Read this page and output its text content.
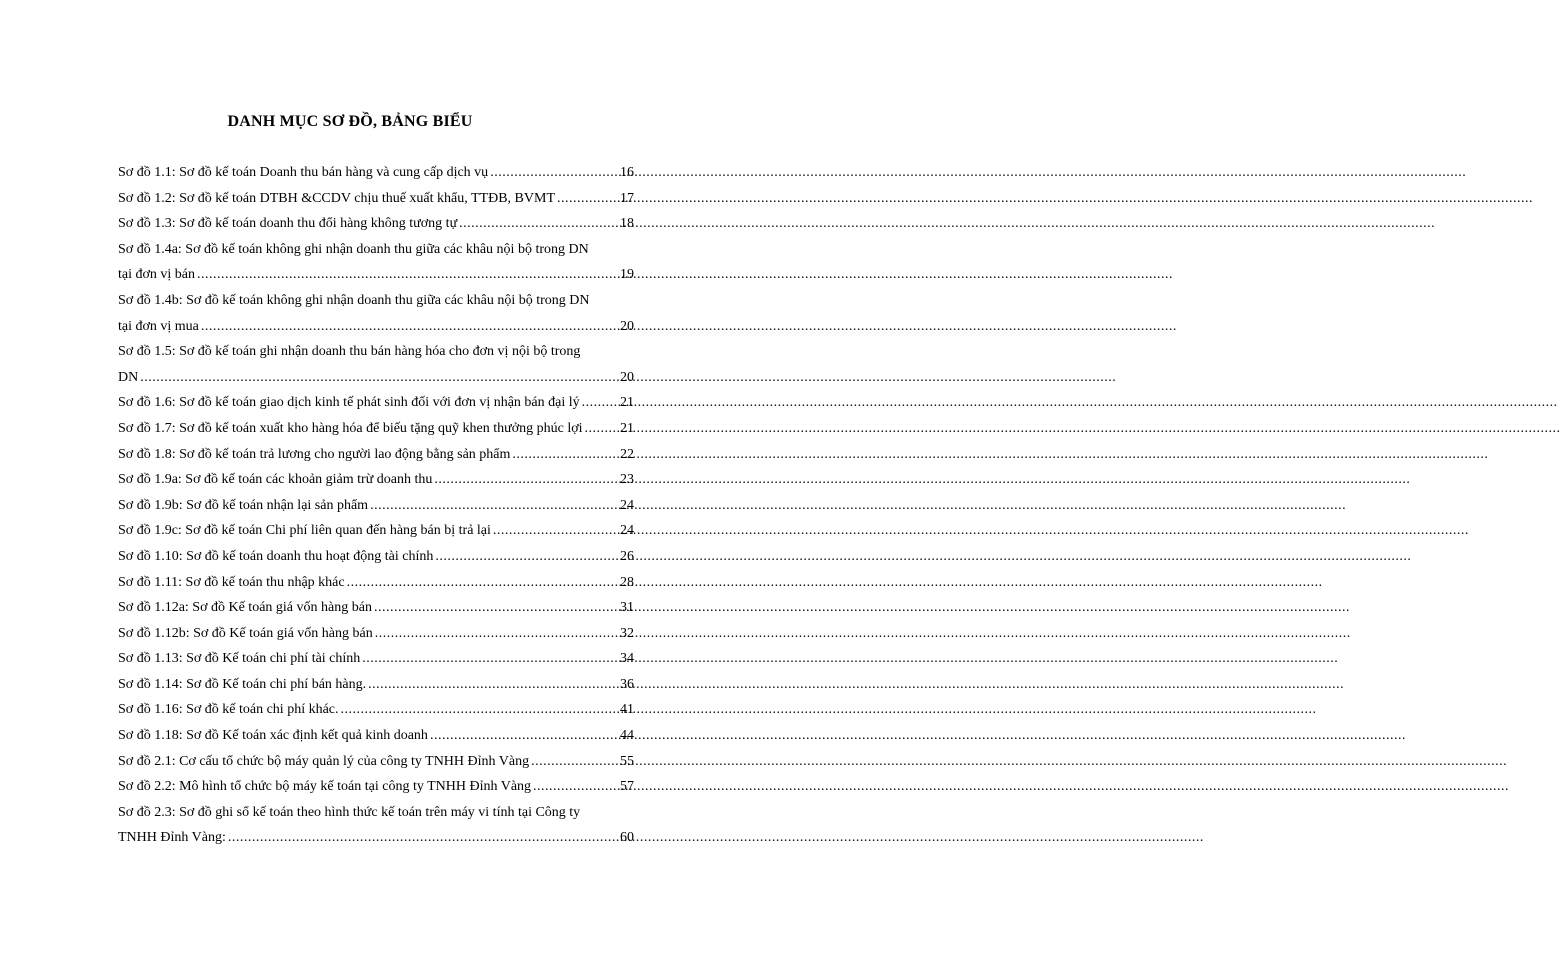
DANH MỤC SƠ ĐỒ, BẢNG BIỂU
Sơ đồ 1.1: Sơ đồ kế toán Doanh thu bán hàng và cung cấp dịch vụ .....	16
Sơ đồ 1.2: Sơ đồ kế toán DTBH &CCDV chịu thuế xuất khẩu, TTĐB, BVMT .....	17
Sơ đồ 1.3: Sơ đồ kế toán doanh thu đổi hàng không tương tự .....	18
Sơ đồ 1.4a: Sơ đồ kế toán không ghi nhận doanh thu giữa các khâu nội bộ trong DN
tại đơn vị bán .....	19
Sơ đồ 1.4b: Sơ đồ kế toán không ghi nhận doanh thu giữa các khâu nội bộ trong DN
tại đơn vị mua .....	20
Sơ đồ 1.5: Sơ đồ kế toán ghi nhận doanh thu bán hàng hóa cho đơn vị nội bộ trong
DN .....	20
Sơ đồ 1.6: Sơ đồ kế toán giao dịch kinh tế phát sinh đối với đơn vị nhận bán đại lý .....	21
Sơ đồ 1.7: Sơ đồ kế toán xuất kho hàng hóa để biếu tặng quỹ khen thưởng phúc lợi .....	21
Sơ đồ 1.8: Sơ đồ kế toán trả lương cho người lao động bằng sản phẩm .....	22
Sơ đồ 1.9a: Sơ đồ kế toán các khoản giảm trừ doanh thu .....	23
Sơ đồ 1.9b: Sơ đồ kế toán nhận lại sản phẩm .....	24
Sơ đồ 1.9c: Sơ đồ kế toán Chi phí liên quan đến hàng bán bị trả lại .....	24
Sơ đồ 1.10: Sơ đồ kế toán doanh thu hoạt động tài chính .....	26
Sơ đồ 1.11: Sơ đồ kế toán thu nhập khác .....	28
Sơ đồ 1.12a: Sơ đồ Kế toán giá vốn hàng bán .....	31
Sơ đồ 1.12b: Sơ đồ Kế toán giá vốn hàng bán .....	32
Sơ đồ 1.13: Sơ đồ Kế toán chi phí tài chính .....	34
Sơ đồ 1.14: Sơ đồ Kế toán chi phí bán hàng. .....	36
Sơ đồ 1.16: Sơ đồ kế toán chi phí khác. .....	41
Sơ đồ 1.18: Sơ đồ Kế toán xác định kết quả kinh doanh .....	44
Sơ đồ 2.1: Cơ cấu tổ chức bộ máy quản lý của công ty TNHH Đỉnh Vàng .....	55
Sơ đồ 2.2: Mô hình tổ chức bộ máy kế toán tại công ty TNHH Đỉnh Vàng .....	57
Sơ đồ 2.3: Sơ đồ ghi sổ kế toán theo hình thức kế toán trên máy vi tính tại Công ty
TNHH Đỉnh Vàng: .....	60
